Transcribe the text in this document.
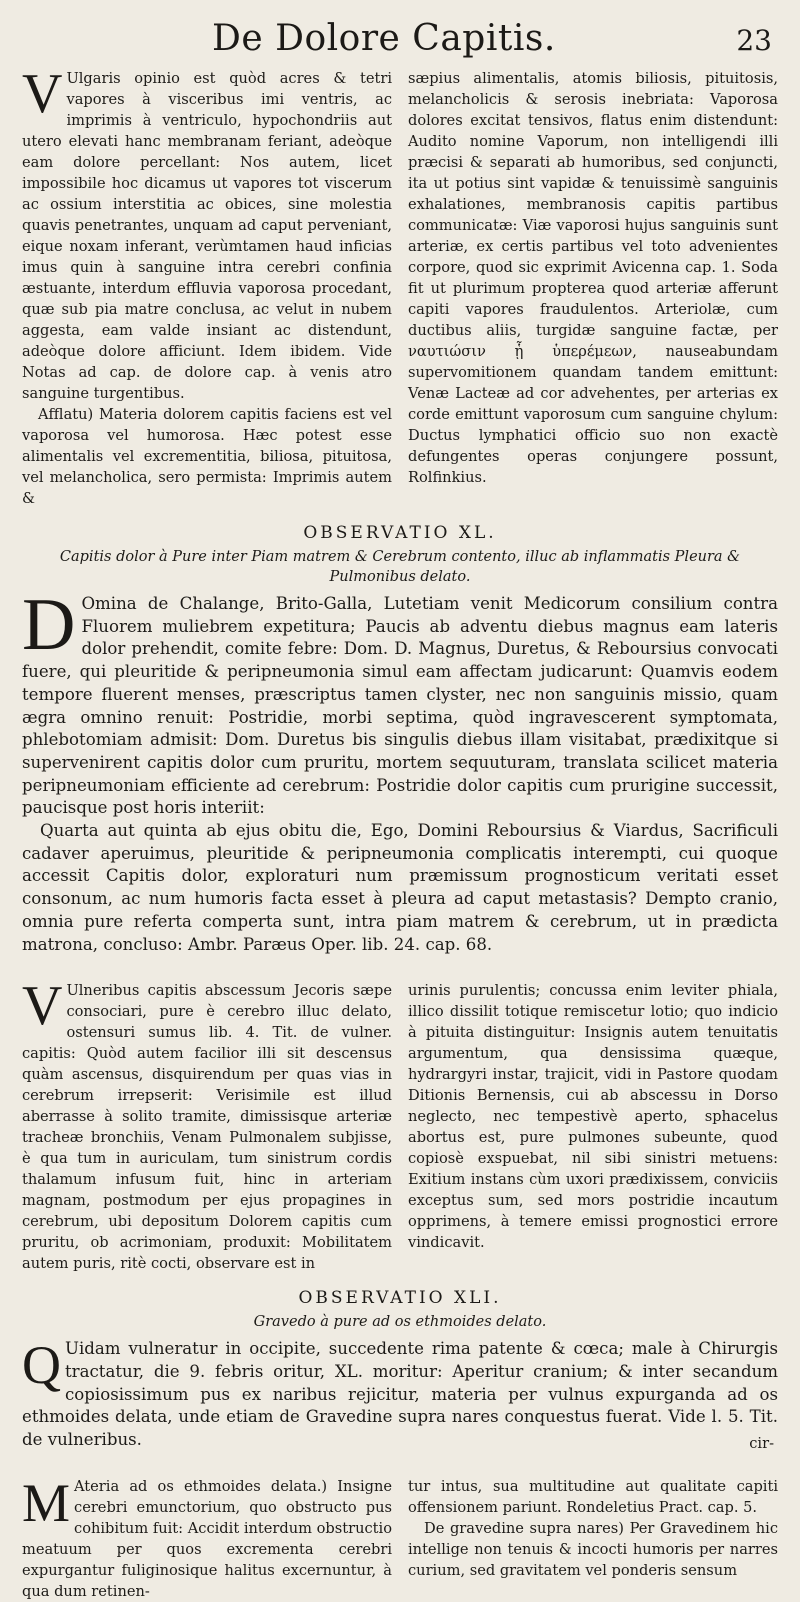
De Dolore Capitis.	23

V Ulgaris opinio est quòd acres & tetri vapores à visceribus imi ventris, ac imprimis à ventriculo, hypochondriis aut utero elevati hanc membranam feriant, adeòque eam dolore percellant: Nos autem, licet impossibile hoc dicamus ut vapores tot viscerum ac ossium interstitia ac obices, sine molestia quavis penetrantes, unquam ad caput perveniant, eique noxam inferant, verùmtamen haud inficias imus quin à sanguine intra cerebri confinia æstuante, interdum effluvia vaporosa procedant, quæ sub pia matre conclusa, ac velut in nubem aggesta, eam valde insiant ac distendunt, adeòque dolore afficiunt. Idem ibidem. Vide Notas ad cap. de dolore cap. à venis atro sanguine turgentibus.

Afflatu) Materia dolorem capitis faciens est vel vaporosa vel humorosa. Hæc potest esse alimentalis vel excrementitia, biliosa, pituitosa, vel melancholica, sero permista: Imprimis autem &

sæpius alimentalis, atomis biliosis, pituitosis, melancholicis & serosis inebriata: Vaporosa dolores excitat tensivos, flatus enim distendunt: Audito nomine Vaporum, non intelligendi illi præcisi & separati ab humoribus, sed conjuncti, ita ut potius sint vapidæ & tenuissimè sanguinis exhalationes, membranosis capitis partibus communicatæ: Viæ vaporosi hujus sanguinis sunt arteriæ, ex certis partibus vel toto advenientes corpore, quod sic exprimit Avicenna cap. 1. Soda fit ut plurimum propterea quod arteriæ afferunt capiti vapores fraudulentos. Arteriolæ, cum ductibus aliis, turgidæ sanguine factæ, per ναυτιώσιν ᾗ ὑπερέμεων, nauseabundam supervomitionem quandam tandem emittunt: Venæ Lacteæ ad cor advehentes, per arterias ex corde emittunt vaporosum cum sanguine chylum: Ductus lymphatici officio suo non exactè defungentes operas conjungere possunt, Rolfinkius.

OBSERVATIO XL.
Capitis dolor à Pure inter Piam matrem & Cerebrum contento, illuc ab inflammatis Pleura & Pulmonibus delato.

D Omina de Chalange, Brito-Galla, Lutetiam venit Medicorum consilium contra Fluorem muliebrem expetitura; Paucis ab adventu diebus magnus eam lateris dolor prehendit, comite febre: Dom. D. Magnus, Duretus, & Reboursius convocati fuere, qui pleuritide & peripneumonia simul eam affectam judicarunt: Quamvis eodem tempore fluerent menses, præscriptus tamen clyster, nec non sanguinis missio, quam ægra omnino renuit: Postridie, morbi septima, quòd ingravescerent symptomata, phlebotomiam admisit: Dom. Duretus bis singulis diebus illam visitabat, prædixitque si supervenirent capitis dolor cum pruritu, mortem sequuturam, translata scilicet materia peripneumoniam efficiente ad cerebrum: Postridie dolor capitis cum prurigine successit, paucisque post horis interiit:

Quarta aut quinta ab ejus obitu die, Ego, Domini Reboursius & Viardus, Sacrificuli cadaver aperuimus, pleuritide & peripneumonia complicatis interempti, cui quoque accessit Capitis dolor, exploraturi num præmissum prognosticum veritati esset consonum, ac num humoris facta esset à pleura ad caput metastasis? Dempto cranio, omnia pure referta comperta sunt, intra piam matrem & cerebrum, ut in prædicta matrona, concluso: Ambr. Paræus Oper. lib. 24. cap. 68.

V Ulneribus capitis abscessum Jecoris sæpe consociari, pure è cerebro illuc delato, ostensuri sumus lib. 4. Tit. de vulner. capitis: Quòd autem facilior illi sit descensus quàm ascensus, disquirendum per quas vias in cerebrum irrepserit: Verisimile est illud aberrasse à solito tramite, dimissisque arteriæ tracheæ bronchiis, Venam Pulmonalem subjisse, è qua tum in auriculam, tum sinistrum cordis thalamum infusum fuit, hinc in arteriam magnam, postmodum per ejus propagines in cerebrum, ubi depositum Dolorem capitis cum pruritu, ob acrimoniam, produxit: Mobilitatem autem puris, ritè cocti, observare est in

urinis purulentis; concussa enim leviter phiala, illico dissilit totique remiscetur lotio; quo indicio à pituita distinguitur: Insignis autem tenuitatis argumentum, qua densissima quæque, hydrargyri instar, trajicit, vidi in Pastore quodam Ditionis Bernensis, cui ab abscessu in Dorso neglecto, nec tempestivè aperto, sphacelus abortus est, pure pulmones subeunte, quod copiosè exspuebat, nil sibi sinistri metuens: Exitium instans cùm uxori prædixissem, conviciis exceptus sum, sed mors postridie incautum opprimens, à temere emissi prognostici errore vindicavit.

OBSERVATIO XLI.
Gravedo à pure ad os ethmoides delato.

Q Uidam vulneratur in occipite, succedente rima patente & cœca; male à Chirurgis tractatur, die 9. febris oritur, XL. moritur: Aperitur cranium; & inter secandum copiosissimum pus ex naribus rejicitur, materia per vulnus expurganda ad os ethmoides delata, unde etiam de Gravedine supra nares conquestus fuerat. Vide l. 5. Tit. de vulneribus.

M Ateria ad os ethmoides delata.) Insigne cerebri emunctorium, quo obstructo pus cohibitum fuit: Accidit interdum obstructio meatuum per quos excrementa cerebri expurgantur fuliginosique halitus excernuntur, à qua dum retinen-

tur intus, sua multitudine aut qualitate capiti offensionem pariunt. Rondeletius Pract. cap. 5.

De gravedine supra nares) Per Gravedinem hic intellige non tenuis & incocti humoris per narres curium, sed gravitatem vel ponderis sensum

cir-
